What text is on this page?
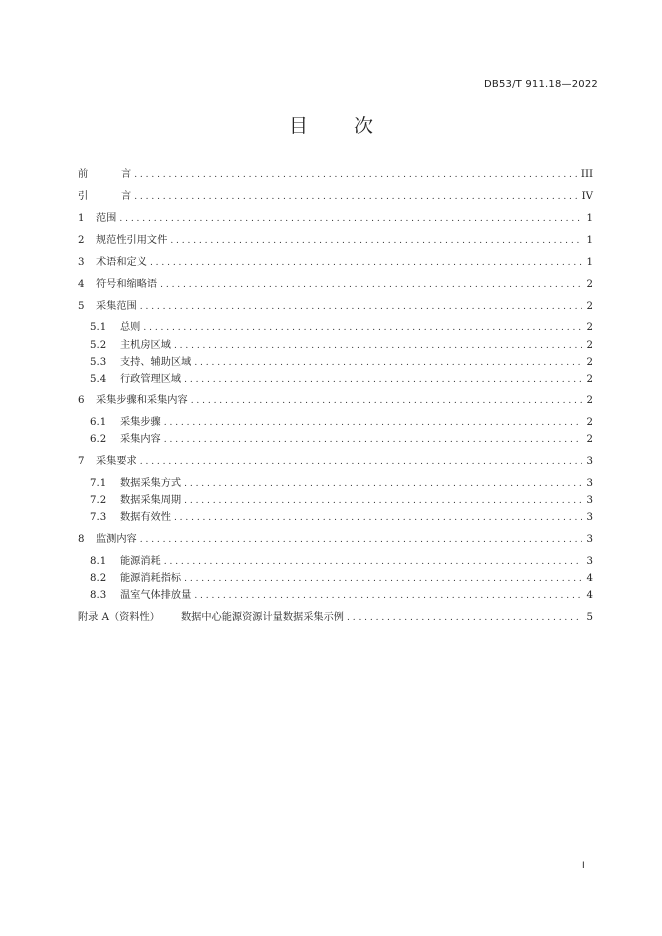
DB53/T 911.18—2022
目 次
前	言 . . .	III
引	言 . . .	IV
1	范围 . . .	1
2	规范性引用文件 . . .	1
3	术语和定义 . . .	1
4	符号和缩略语 . . .	2
5	采集范围 . . .	2
5.1	总则 . . .	2
5.2	主机房区域 . . .	2
5.3	支持、辅助区域 . . .	2
5.4	行政管理区域 . . .	2
6	采集步骤和采集内容 . . .	2
6.1	采集步骤 . . .	2
6.2	采集内容 . . .	2
7	采集要求 . . .	3
7.1	数据采集方式 . . .	3
7.2	数据采集周期 . . .	3
7.3	数据有效性 . . .	3
8	监测内容 . . .	3
8.1	能源消耗 . . .	3
8.2	能源消耗指标 . . .	4
8.3	温室气体排放量 . . .	4
附录 A（资料性）	数据中心能源资源计量数据采集示例 . . .	5
I
